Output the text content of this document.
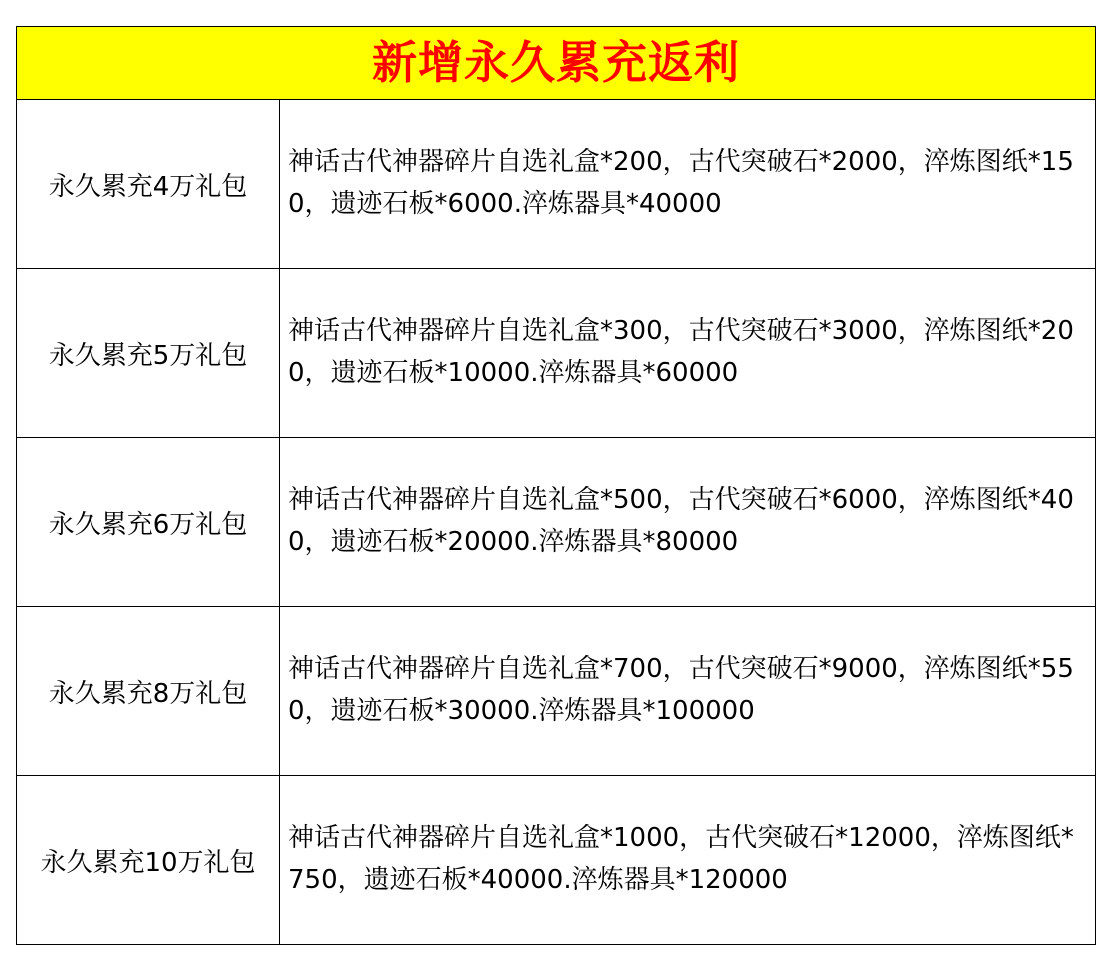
新增永久累充返利	
永久累充4万礼包	神话古代神器碎片自选礼盒*200，古代突破石*2000，淬炼图纸*150，遗迹石板*6000.淬炼器具*40000
永久累充5万礼包	神话古代神器碎片自选礼盒*300，古代突破石*3000，淬炼图纸*200，遗迹石板*10000.淬炼器具*60000
永久累充6万礼包	神话古代神器碎片自选礼盒*500，古代突破石*6000，淬炼图纸*400，遗迹石板*20000.淬炼器具*80000
永久累充8万礼包	神话古代神器碎片自选礼盒*700，古代突破石*9000，淬炼图纸*550，遗迹石板*30000.淬炼器具*100000
永久累充10万礼包	神话古代神器碎片自选礼盒*1000，古代突破石*12000，淬炼图纸*750，遗迹石板*40000.淬炼器具*120000
